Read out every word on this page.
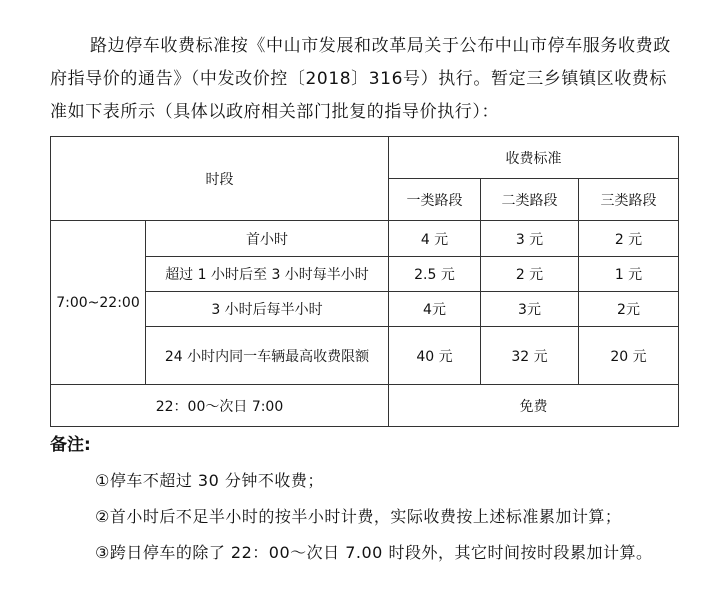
路边停车收费标准按《中山市发展和改革局关于公布中山市停车服务收费政府指导价的通告》（中发改价控〔2018〕316号）执行。暂定三乡镇镇区收费标准如下表所示（具体以政府相关部门批复的指导价执行）：
时段		收费标准		
		一类路段	二类路段	三类路段
7:00~22:00	首小时	4 元	3 元	2 元
	超过 1 小时后至 3 小时每半小时	2.5 元	2 元	1 元
	3 小时后每半小时	4元	3元	2元
	24 小时内同一车辆最高收费限额	40 元	32 元	20 元
22：00～次日 7:00		免费		
备注:
①停车不超过 30 分钟不收费；
②首小时后不足半小时的按半小时计费，实际收费按上述标准累加计算；
③跨日停车的除了 22：00～次日 7.00 时段外，其它时间按时段累加计算。
